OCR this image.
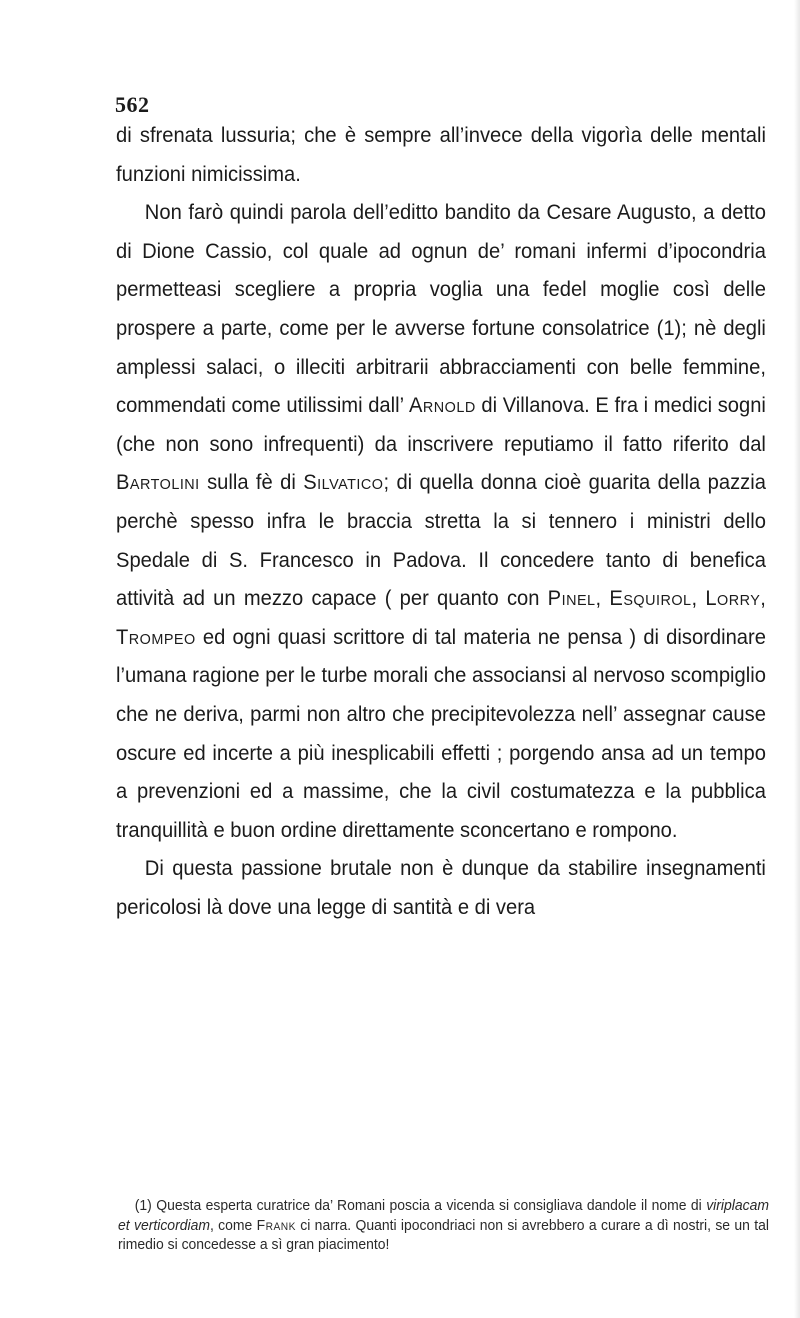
562

di sfrenata lussuria; che è sempre all’invece della vigorìa delle mentali funzioni nimicissima.

Non farò quindi parola dell’editto bandito da Cesare Augusto, a detto di Dione Cassio, col quale ad ognun de’ romani infermi d’ipocondria permetteasi scegliere a propria voglia una fedel moglie così delle prospere a parte, come per le avverse fortune consolatrice (1); nè degli amplessi salaci, o illeciti arbitrarii abbracciamenti con belle femmine, commendati come utilissimi dall’ Arnold di Villanova. E fra i medici sogni (che non sono infrequenti) da inscrivere reputiamo il fatto riferito dal Bartolini sulla fè di Silvatico; di quella donna cioè guarita della pazzia perchè spesso infra le braccia stretta la si tennero i ministri dello Spedale di S. Francesco in Padova. Il concedere tanto di benefica attività ad un mezzo capace ( per quanto con Pinel, Esquirol, Lorry, Trompeo ed ogni quasi scrittore di tal materia ne pensa ) di disordinare l’umana ragione per le turbe morali che associansi al nervoso scompiglio che ne deriva, parmi non altro che precipitevolezza nell’ assegnar cause oscure ed incerte a più inesplicabili effetti ; porgendo ansa ad un tempo a prevenzioni ed a massime, che la civil costumatezza e la pubblica tranquillità e buon ordine direttamente sconcertano e rompono.

Di questa passione brutale non è dunque da stabilire insegnamenti pericolosi là dove una legge di santità e di vera

(1) Questa esperta curatrice da’ Romani poscia a vicenda si consigliava dandole il nome di viriplacam et verticordiam, come Frank ci narra. Quanti ipocondriaci non si avrebbero a curare a dì nostri, se un tal rimedio si concedesse a sì gran piacimento!
